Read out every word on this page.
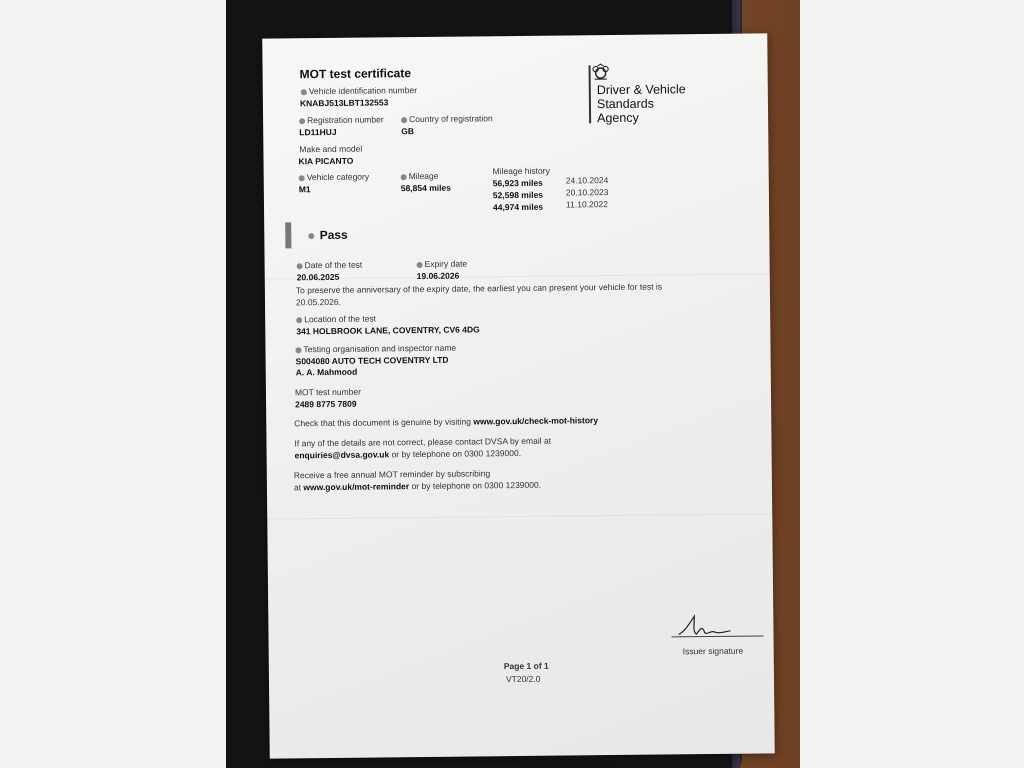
MOT test certificate
Driver & Vehicle
Standards
Agency
Vehicle identification number
KNABJ513LBT132553
Registration number
LD11HUJ
Country of registration
GB
Make and model
KIA PICANTO
Vehicle category
M1
Mileage
58,854 miles
Mileage history
56,923 miles	24.10.2024
52,598 miles	20.10.2023
44,974 miles	11.10.2022
Pass
Date of the test
20.06.2025
Expiry date
19.06.2026
To preserve the anniversary of the expiry date, the earliest you can present your vehicle for test is
20.05.2026.
Location of the test
341 HOLBROOK LANE, COVENTRY, CV6 4DG
Testing organisation and inspector name
S004080 AUTO TECH COVENTRY LTD
A. A. Mahmood
MOT test number
2489 8775 7809
Check that this document is genuine by visiting www.gov.uk/check-mot-history
If any of the details are not correct, please contact DVSA by email at
enquiries@dvsa.gov.uk or by telephone on 0300 1239000.
Receive a free annual MOT reminder by subscribing
at www.gov.uk/mot-reminder or by telephone on 0300 1239000.
Issuer signature
Page 1 of 1
VT20/2.0
